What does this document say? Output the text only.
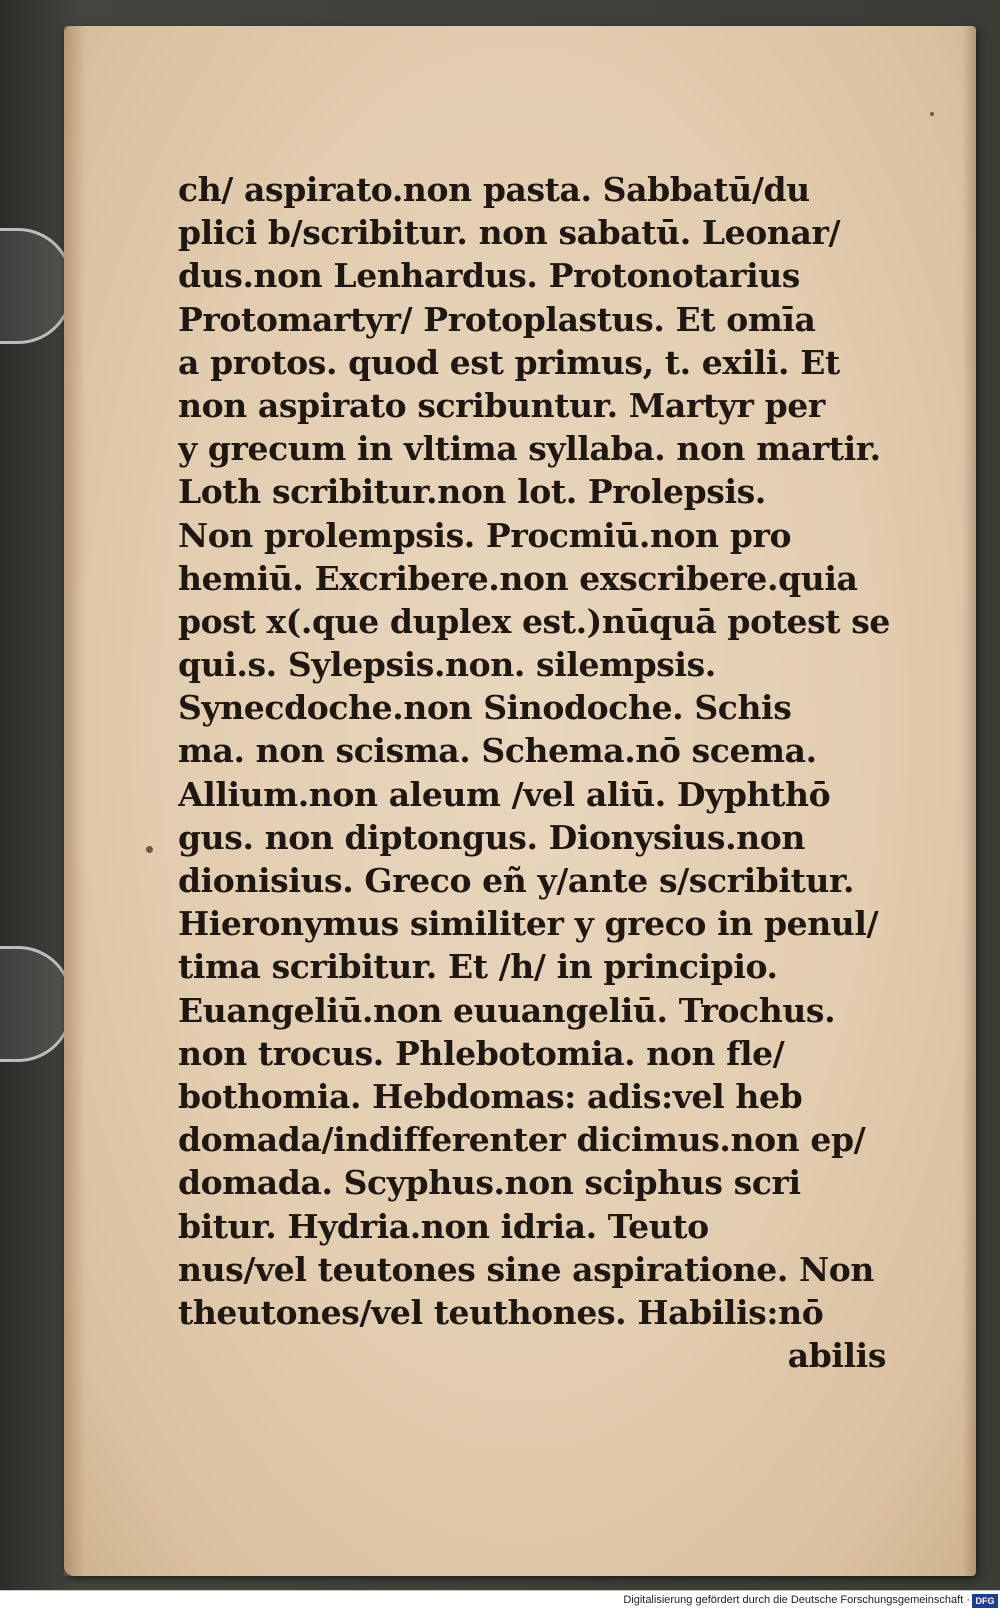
ch/ aspirato.non pasta. Sabbatū/du
plici b/scribitur. non sabatū. Leonar/
dus.non Lenhardus. Protonotarius
Protomartyr/ Protoplastus. Et omīa
a protos. quod est primus, t. exili. Et
non aspirato scribuntur. Martyr per
y grecum in vltima syllaba. non martir.
Loth scribitur.non lot. Prolepsis.
Non prolempsis. Procmiū.non pro
hemiū. Excribere.non exscribere.quia
post x(.que duplex est.)nūquā potest se
qui.s. Sylepsis.non. silempsis.
Synecdoche.non Sinodoche. Schis
ma. non scisma. Schema.nō scema.
Allium.non aleum /vel aliū. Dyphthō
gus. non diptongus. Dionysius.non
dionisius. Greco eñ y/ante s/scribitur.
Hieronymus similiter y greco in penul/
tima scribitur. Et /h/ in principio.
Euangeliū.non euuangeliū. Trochus.
non trocus. Phlebotomia. non fle/
bothomia. Hebdomas: adis:vel heb
domada/indifferenter dicimus.non ep/
domada. Scyphus.non sciphus scri
bitur. Hydria.non idria. Teuto
nus/vel teutones sine aspiratione. Non
theutones/vel teuthones. Habilis:nō
abilis
Digitalisierung gefördert durch die Deutsche Forschungsgemeinschaft · DFG
